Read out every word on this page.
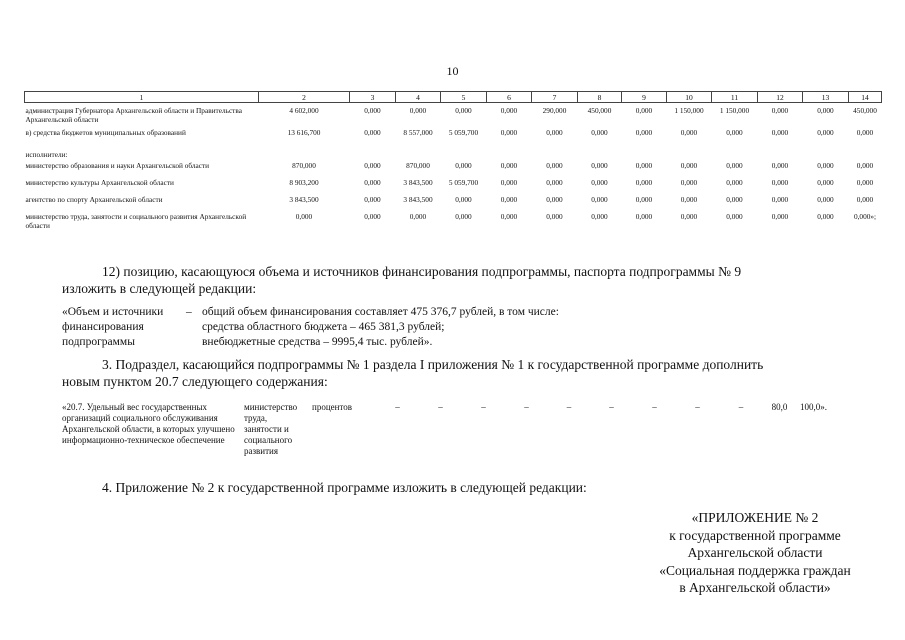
10
1	2	3	4	5	6	7	8	9	10	11	12	13	14
администрация Губернатора Архангельской области и Правительства Архангельской области	4 602,000	0,000	0,000	0,000	0,000	290,000	450,000	0,000	1 150,000	1 150,000	0,000	0,000	450,000
в) средства бюджетов муниципальных образований	13 616,700	0,000	8 557,000	5 059,700	0,000	0,000	0,000	0,000	0,000	0,000	0,000	0,000	0,000
исполнители:													
министерство образования и науки Архангельской области	870,000	0,000	870,000	0,000	0,000	0,000	0,000	0,000	0,000	0,000	0,000	0,000	0,000
министерство культуры Архангельской области	8 903,200	0,000	3 843,500	5 059,700	0,000	0,000	0,000	0,000	0,000	0,000	0,000	0,000	0,000
агентство по спорту Архангельской области	3 843,500	0,000	3 843,500	0,000	0,000	0,000	0,000	0,000	0,000	0,000	0,000	0,000	0,000
министерство труда, занятости и социального развития Архангельской области	0,000	0,000	0,000	0,000	0,000	0,000	0,000	0,000	0,000	0,000	0,000	0,000	0,000»;
12) позицию, касающуюся объема и источников финансирования подпрограммы, паспорта подпрограммы № 9
изложить в следующей редакции:
«Объем и источники
финансирования
подпрограммы
– общий объем финансирования составляет 475 376,7 рублей, в том числе:
средства областного бюджета – 465 381,3 рублей;
внебюджетные средства – 9995,4 тыс. рублей».
3. Подраздел, касающийся подпрограммы № 1 раздела I приложения № 1 к государственной программе дополнить
новым пунктом 20.7 следующего содержания:
«20.7. Удельный вес государственных организаций социального обслуживания Архангельской области, в которых улучшено информационно-техническое обеспечение	министерство труда, занятости и социального развития	процентов	–	–	–	–	–	–	–	–	–	80,0	100,0».
4. Приложение № 2 к государственной программе изложить в следующей редакции:
«ПРИЛОЖЕНИЕ № 2
к государственной программе
Архангельской области
«Социальная поддержка граждан
в Архангельской области»
